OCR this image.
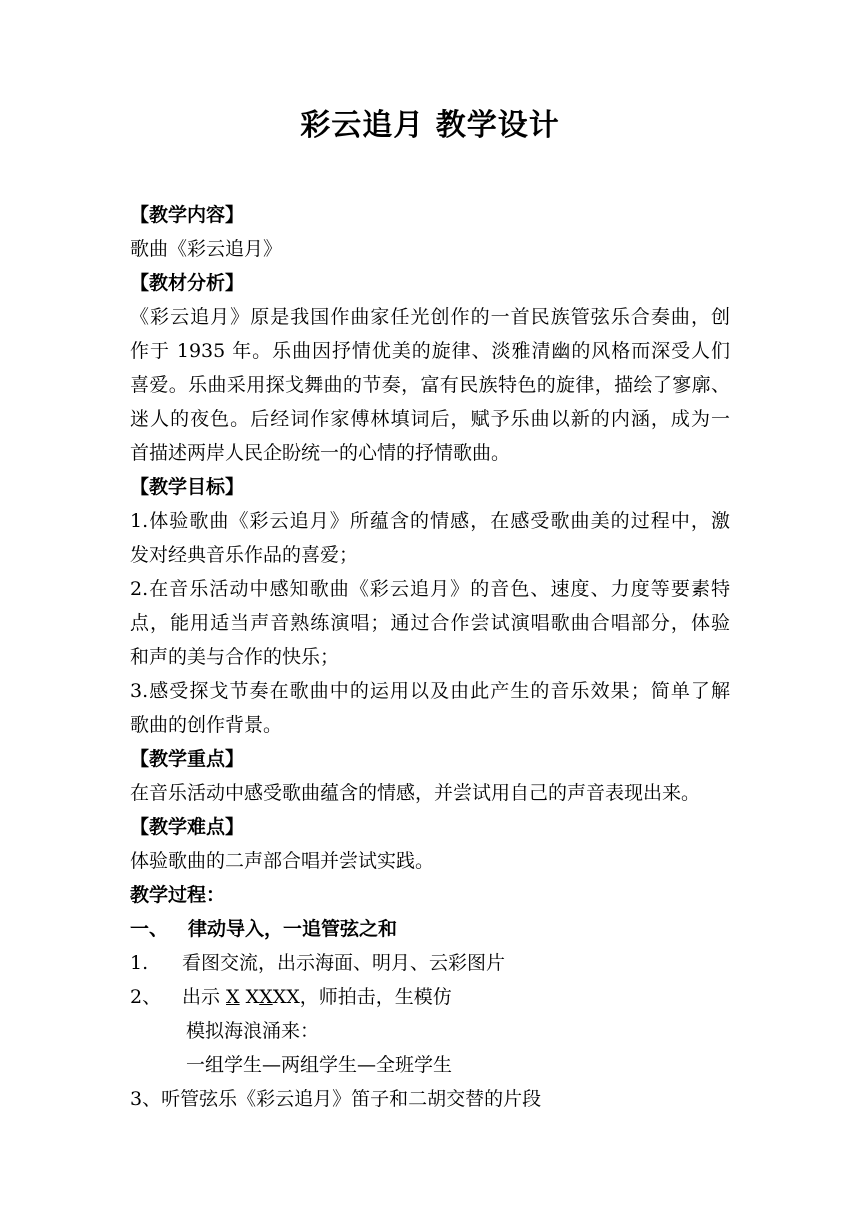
彩云追月 教学设计
【教学内容】
歌曲《彩云追月》
【教材分析】
《彩云追月》原是我国作曲家任光创作的一首民族管弦乐合奏曲，创
作于 1935 年。乐曲因抒情优美的旋律、淡雅清幽的风格而深受人们
喜爱。乐曲采用探戈舞曲的节奏，富有民族特色的旋律，描绘了寥廓、
迷人的夜色。后经词作家傅林填词后，赋予乐曲以新的内涵，成为一
首描述两岸人民企盼统一的心情的抒情歌曲。
【教学目标】
1.体验歌曲《彩云追月》所蕴含的情感，在感受歌曲美的过程中，激
发对经典音乐作品的喜爱；
2.在音乐活动中感知歌曲《彩云追月》的音色、速度、力度等要素特
点，能用适当声音熟练演唱；通过合作尝试演唱歌曲合唱部分，体验
和声的美与合作的快乐；
3.感受探戈节奏在歌曲中的运用以及由此产生的音乐效果；简单了解
歌曲的创作背景。
【教学重点】
在音乐活动中感受歌曲蕴含的情感，并尝试用自己的声音表现出来。
【教学难点】
体验歌曲的二声部合唱并尝试实践。
教学过程：
一、 律动导入，一追管弦之和
1. 看图交流，出示海面、明月、云彩图片
2、 出示 X XXXX，师拍击，生模仿
模拟海浪涌来：
一组学生—两组学生—全班学生
3、听管弦乐《彩云追月》笛子和二胡交替的片段
